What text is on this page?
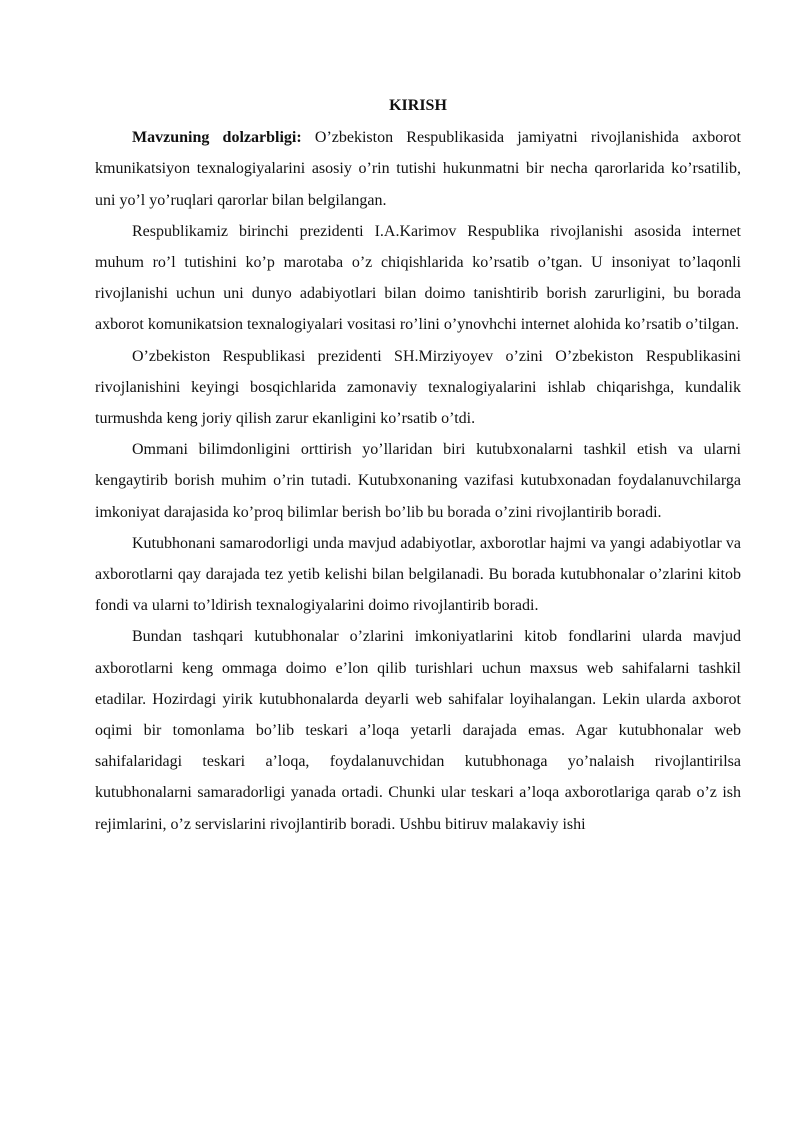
KIRISH

Mavzuning dolzarbligi: O’zbekiston Respublikasida jamiyatni rivojlanishida axborot kmunikatsiyon texnalogiyalarini asosiy o’rin tutishi hukunmatni bir necha qarorlarida ko’rsatilib, uni yo’l yo’ruqlari qarorlar bilan belgilangan.

Respublikamiz birinchi prezidenti I.A.Karimov Respublika rivojlanishi asosida internet muhum ro’l tutishini ko’p marotaba o’z chiqishlarida ko’rsatib o’tgan. U insoniyat to’laqonli rivojlanishi uchun uni dunyo adabiyotlari bilan doimo tanishtirib borish zarurligini, bu borada axborot komunikatsion texnalogiyalari vositasi ro’lini o’ynovhchi internet alohida ko’rsatib o’tilgan.

O’zbekiston Respublikasi prezidenti SH.Mirziyoyev o’zini O’zbekiston Respublikasini rivojlanishini keyingi bosqichlarida zamonaviy texnalogiyalarini ishlab chiqarishga, kundalik turmushda keng joriy qilish zarur ekanligini ko’rsatib o’tdi.

Ommani bilimdonligini orttirish yo’llaridan biri kutubxonalarni tashkil etish va ularni kengaytirib borish muhim o’rin tutadi. Kutubxonaning vazifasi kutubxonadan foydalanuvchilarga imkoniyat darajasida ko’proq bilimlar berish bo’lib bu borada o’zini rivojlantirib boradi.

Kutubhonani samarodorligi unda mavjud adabiyotlar, axborotlar hajmi va yangi adabiyotlar va axborotlarni qay darajada tez yetib kelishi bilan belgilanadi. Bu borada kutubhonalar o’zlarini kitob fondi va ularni to’ldirish texnalogiyalarini doimo rivojlantirib boradi.

Bundan tashqari kutubhonalar o’zlarini imkoniyatlarini kitob fondlarini ularda mavjud axborotlarni keng ommaga doimo e’lon qilib turishlari uchun maxsus web sahifalarni tashkil etadilar. Hozirdagi yirik kutubhonalarda deyarli web sahifalar loyihalangan. Lekin ularda axborot oqimi bir tomonlama bo’lib teskari a’loqa yetarli darajada emas. Agar kutubhonalar web sahifalaridagi teskari a’loqa, foydalanuvchidan kutubhonaga yo’nalaish rivojlantirilsa kutubhonalarni samaradorligi yanada ortadi. Chunki ular teskari a’loqa axborotlariga qarab o’z ish rejimlarini, o’z servislarini rivojlantirib boradi. Ushbu bitiruv malakaviy ishi
